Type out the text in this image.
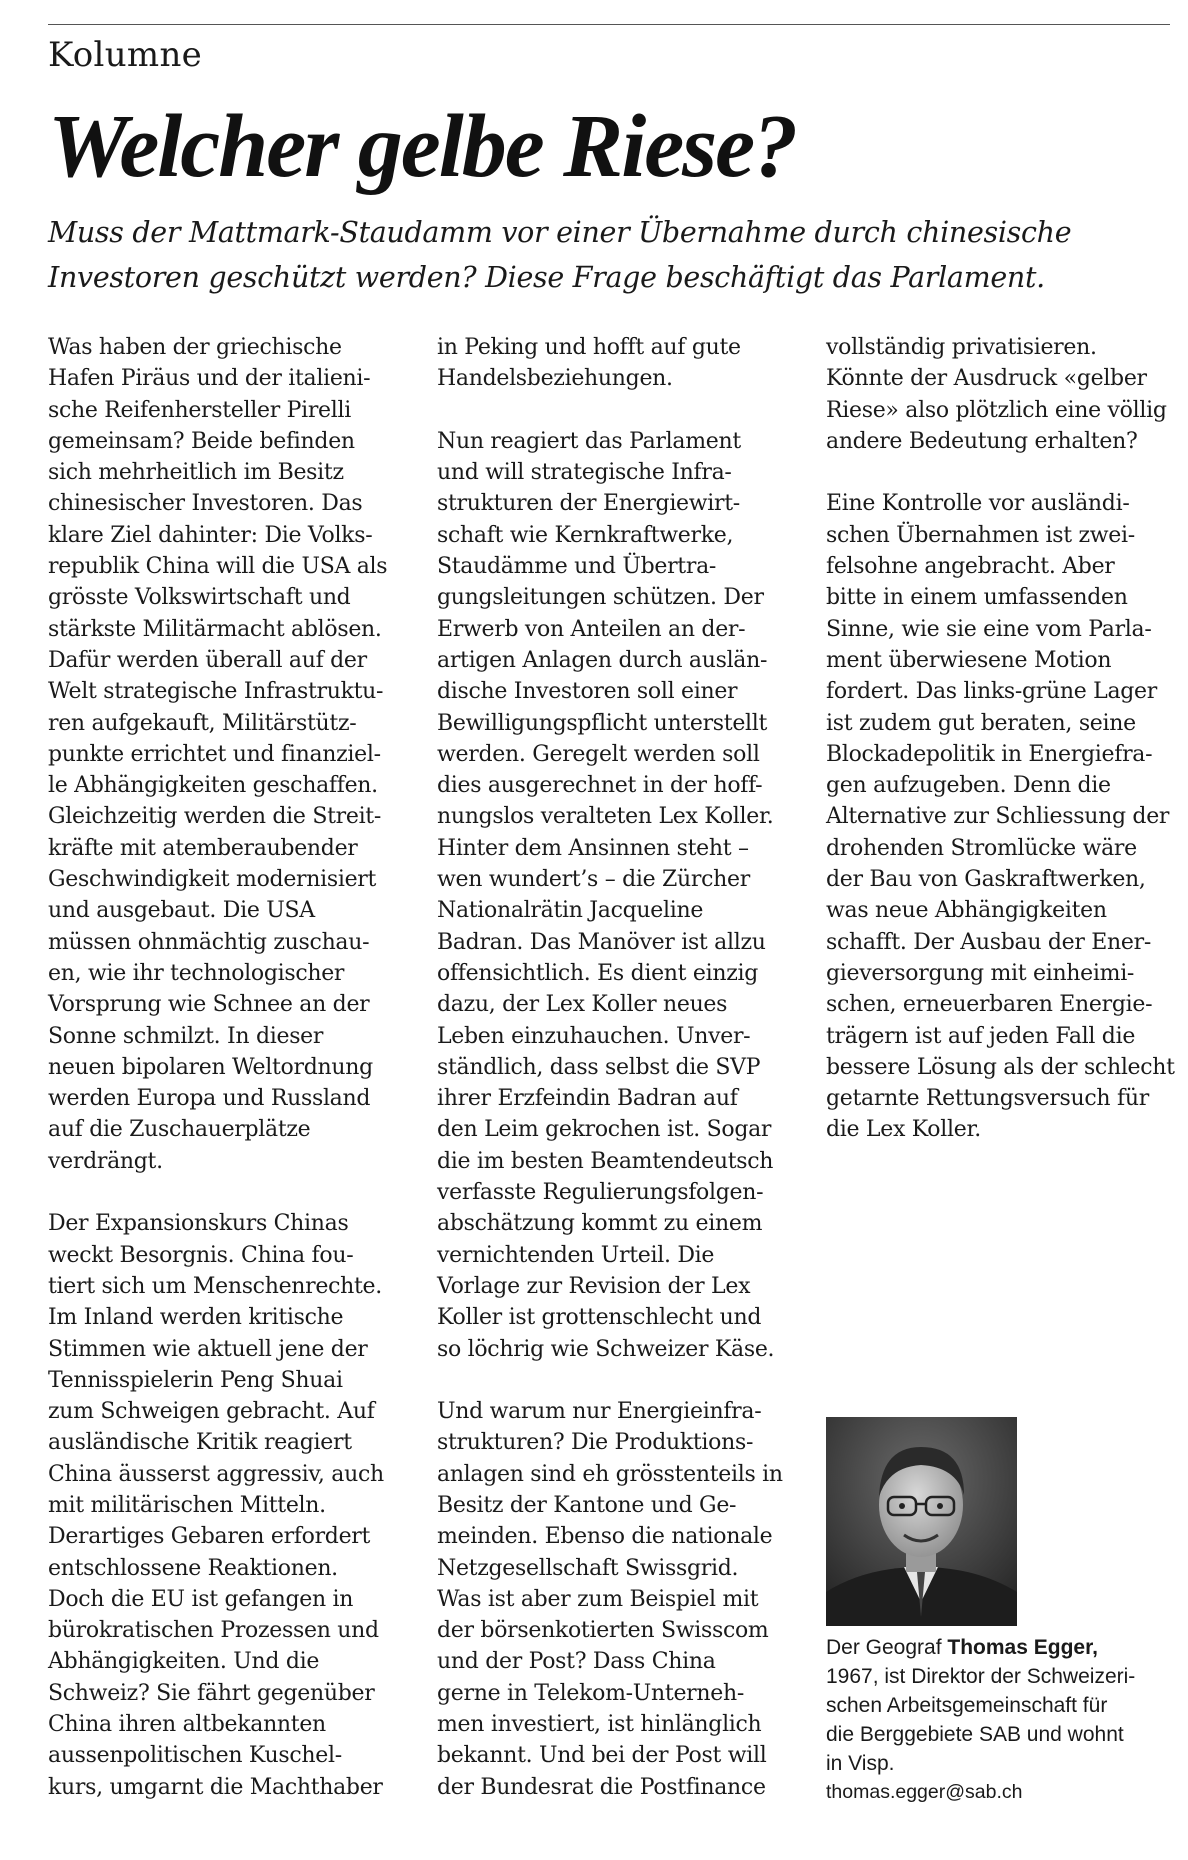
Kolumne
Welcher gelbe Riese?
Muss der Mattmark-Staudamm vor einer Übernahme durch chinesische
Investoren geschützt werden? Diese Frage beschäftigt das Parlament.
Was haben der griechische
Hafen Piräus und der italieni-
sche Reifenhersteller Pirelli
gemeinsam? Beide befinden
sich mehrheitlich im Besitz
chinesischer Investoren. Das
klare Ziel dahinter: Die Volks-
republik China will die USA als
grösste Volkswirtschaft und
stärkste Militärmacht ablösen.
Dafür werden überall auf der
Welt strategische Infrastruktu-
ren aufgekauft, Militärstütz-
punkte errichtet und finanziel-
le Abhängigkeiten geschaffen.
Gleichzeitig werden die Streit-
kräfte mit atemberaubender
Geschwindigkeit modernisiert
und ausgebaut. Die USA
müssen ohnmächtig zuschau-
en, wie ihr technologischer
Vorsprung wie Schnee an der
Sonne schmilzt. In dieser
neuen bipolaren Weltordnung
werden Europa und Russland
auf die Zuschauerplätze
verdrängt.
Der Expansionskurs Chinas
weckt Besorgnis. China fou-
tiert sich um Menschenrechte.
Im Inland werden kritische
Stimmen wie aktuell jene der
Tennisspielerin Peng Shuai
zum Schweigen gebracht. Auf
ausländische Kritik reagiert
China äusserst aggressiv, auch
mit militärischen Mitteln.
Derartiges Gebaren erfordert
entschlossene Reaktionen.
Doch die EU ist gefangen in
bürokratischen Prozessen und
Abhängigkeiten. Und die
Schweiz? Sie fährt gegenüber
China ihren altbekannten
aussenpolitischen Kuschel-
kurs, umgarnt die Machthaber
in Peking und hofft auf gute
Handelsbeziehungen.
Nun reagiert das Parlament
und will strategische Infra-
strukturen der Energiewirt-
schaft wie Kernkraftwerke,
Staudämme und Übertra-
gungsleitungen schützen. Der
Erwerb von Anteilen an der-
artigen Anlagen durch auslän-
dische Investoren soll einer
Bewilligungspflicht unterstellt
werden. Geregelt werden soll
dies ausgerechnet in der hoff-
nungslos veralteten Lex Koller.
Hinter dem Ansinnen steht –
wen wundert’s – die Zürcher
Nationalrätin Jacqueline
Badran. Das Manöver ist allzu
offensichtlich. Es dient einzig
dazu, der Lex Koller neues
Leben einzuhauchen. Unver-
ständlich, dass selbst die SVP
ihrer Erzfeindin Badran auf
den Leim gekrochen ist. Sogar
die im besten Beamtendeutsch
verfasste Regulierungsfolgen-
abschätzung kommt zu einem
vernichtenden Urteil. Die
Vorlage zur Revision der Lex
Koller ist grottenschlecht und
so löchrig wie Schweizer Käse.
Und warum nur Energieinfra-
strukturen? Die Produktions-
anlagen sind eh grösstenteils in
Besitz der Kantone und Ge-
meinden. Ebenso die nationale
Netzgesellschaft Swissgrid.
Was ist aber zum Beispiel mit
der börsenkotierten Swisscom
und der Post? Dass China
gerne in Telekom-Unterneh-
men investiert, ist hinlänglich
bekannt. Und bei der Post will
der Bundesrat die Postfinance
vollständig privatisieren.
Könnte der Ausdruck «gelber
Riese» also plötzlich eine völlig
andere Bedeutung erhalten?
Eine Kontrolle vor ausländi-
schen Übernahmen ist zwei-
felsohne angebracht. Aber
bitte in einem umfassenden
Sinne, wie sie eine vom Parla-
ment überwiesene Motion
fordert. Das links-grüne Lager
ist zudem gut beraten, seine
Blockadepolitik in Energiefra-
gen aufzugeben. Denn die
Alternative zur Schliessung der
drohenden Stromlücke wäre
der Bau von Gaskraftwerken,
was neue Abhängigkeiten
schafft. Der Ausbau der Ener-
gieversorgung mit einheimi-
schen, erneuerbaren Energie-
trägern ist auf jeden Fall die
bessere Lösung als der schlecht
getarnte Rettungsversuch für
die Lex Koller.
Der Geograf Thomas Egger,
1967, ist Direktor der Schweizeri-
schen Arbeitsgemeinschaft für
die Berggebiete SAB und wohnt
in Visp.
thomas.egger@sab.ch
